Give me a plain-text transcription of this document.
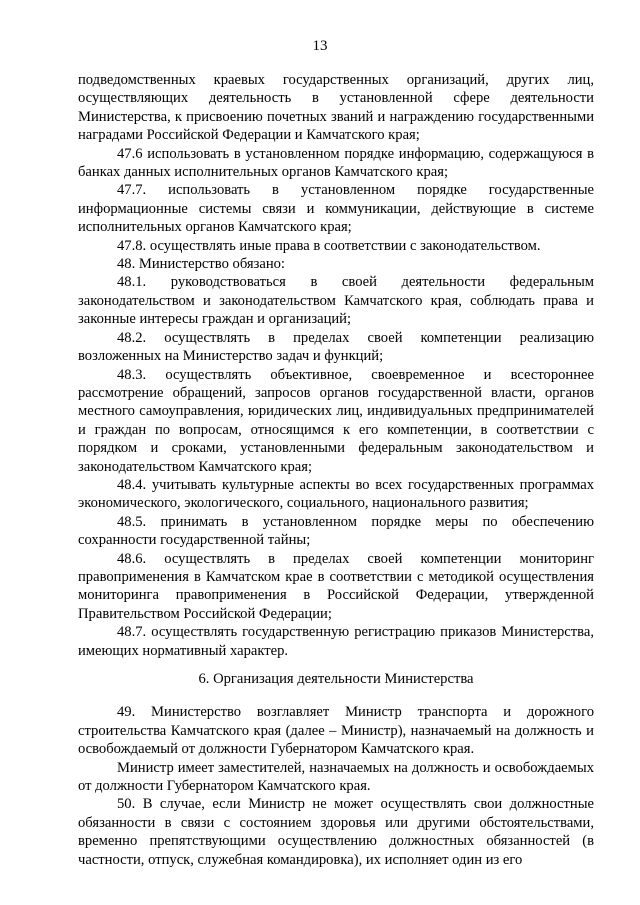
13

подведомственных краевых государственных организаций, других лиц, осуществляющих деятельность в установленной сфере деятельности Министерства, к присвоению почетных званий и награждению государственными наградами Российской Федерации и Камчатского края;

47.6 использовать в установленном порядке информацию, содержащуюся в банках данных исполнительных органов Камчатского края;

47.7. использовать в установленном порядке государственные информационные системы связи и коммуникации, действующие в системе исполнительных органов Камчатского края;

47.8. осуществлять иные права в соответствии с законодательством.

48. Министерство обязано:

48.1. руководствоваться в своей деятельности федеральным законодательством и законодательством Камчатского края, соблюдать права и законные интересы граждан и организаций;

48.2. осуществлять в пределах своей компетенции реализацию возложенных на Министерство задач и функций;

48.3. осуществлять объективное, своевременное и всестороннее рассмотрение обращений, запросов органов государственной власти, органов местного самоуправления, юридических лиц, индивидуальных предпринимателей и граждан по вопросам, относящимся к его компетенции, в соответствии с порядком и сроками, установленными федеральным законодательством и законодательством Камчатского края;

48.4. учитывать культурные аспекты во всех государственных программах экономического, экологического, социального, национального развития;

48.5. принимать в установленном порядке меры по обеспечению сохранности государственной тайны;

48.6. осуществлять в пределах своей компетенции мониторинг правоприменения в Камчатском крае в соответствии с методикой осуществления мониторинга правоприменения в Российской Федерации, утвержденной Правительством Российской Федерации;

48.7. осуществлять государственную регистрацию приказов Министерства, имеющих нормативный характер.

6. Организация деятельности Министерства

49. Министерство возглавляет Министр транспорта и дорожного строительства Камчатского края (далее – Министр), назначаемый на должность и освобождаемый от должности Губернатором Камчатского края.

Министр имеет заместителей, назначаемых на должность и освобождаемых от должности Губернатором Камчатского края.

50. В случае, если Министр не может осуществлять свои должностные обязанности в связи с состоянием здоровья или другими обстоятельствами, временно препятствующими осуществлению должностных обязанностей (в частности, отпуск, служебная командировка), их исполняет один из его
